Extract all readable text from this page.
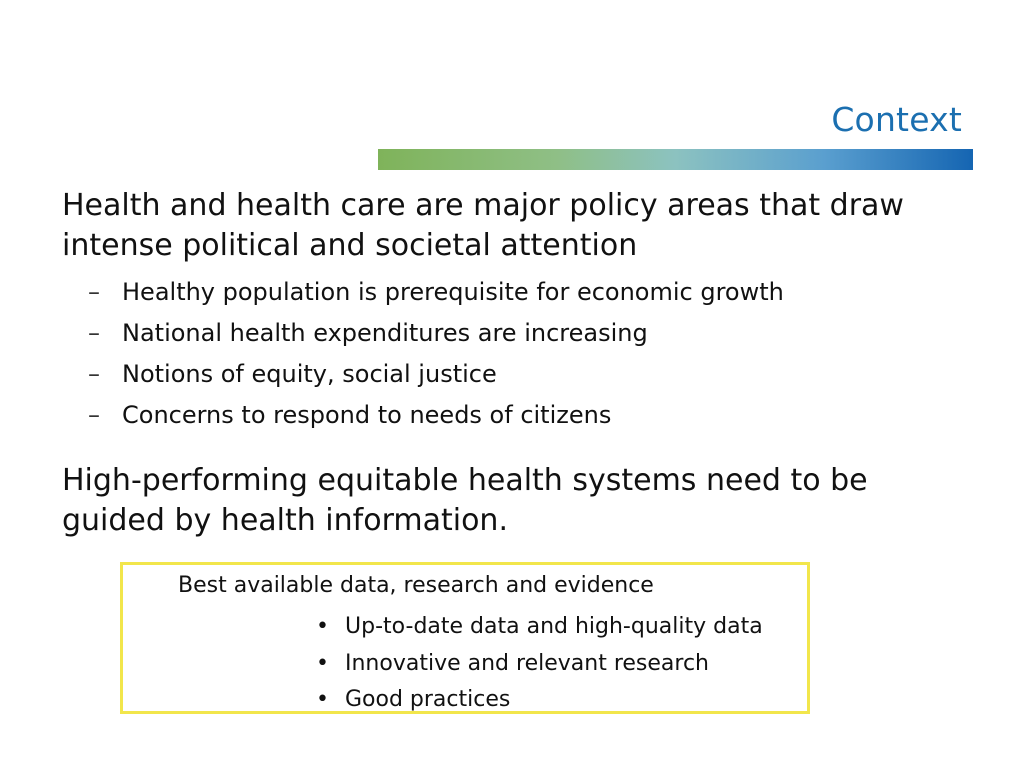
Context

Health and health care are major policy areas that draw intense political and societal attention

– Healthy population is prerequisite for economic growth
– National health expenditures are increasing
– Notions of equity, social justice
– Concerns to respond to needs of citizens

High-performing equitable health systems need to be guided by health information.

Best available data, research and evidence
• Up-to-date data and high-quality data
• Innovative and relevant research
• Good practices
